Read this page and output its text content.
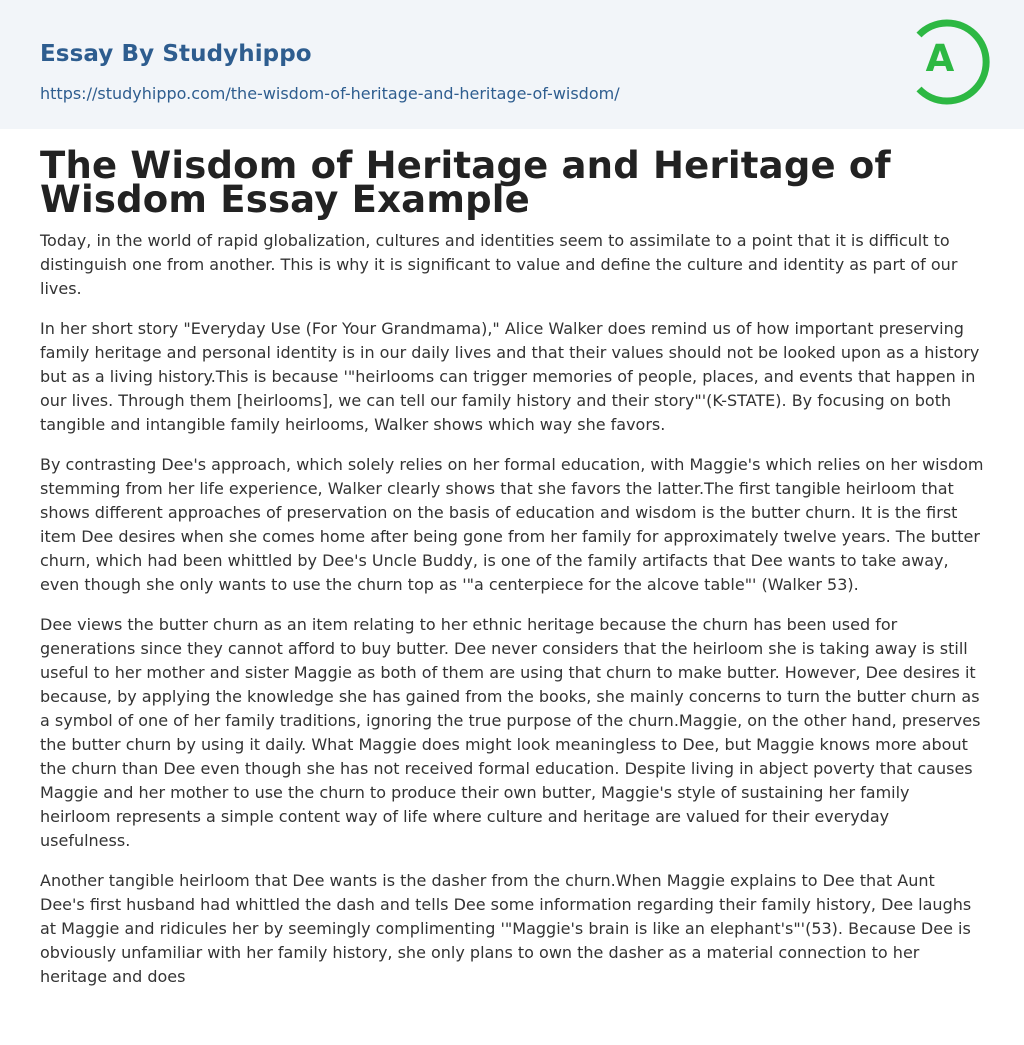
Essay By Studyhippo
https://studyhippo.com/the-wisdom-of-heritage-and-heritage-of-wisdom/
A
The Wisdom of Heritage and Heritage of Wisdom Essay Example

Today, in the world of rapid globalization, cultures and identities seem to assimilate to a point that it is difficult to distinguish one from another. This is why it is significant to value and define the culture and identity as part of our lives.

In her short story "Everyday Use (For Your Grandmama)," Alice Walker does remind us of how important preserving family heritage and personal identity is in our daily lives and that their values should not be looked upon as a history but as a living history.This is because '"heirlooms can trigger memories of people, places, and events that happen in our lives. Through them [heirlooms], we can tell our family history and their story"'(K-STATE). By focusing on both tangible and intangible family heirlooms, Walker shows which way she favors.

By contrasting Dee's approach, which solely relies on her formal education, with Maggie's which relies on her wisdom stemming from her life experience, Walker clearly shows that she favors the latter.The first tangible heirloom that shows different approaches of preservation on the basis of education and wisdom is the butter churn. It is the first item Dee desires when she comes home after being gone from her family for approximately twelve years. The butter churn, which had been whittled by Dee's Uncle Buddy, is one of the family artifacts that Dee wants to take away, even though she only wants to use the churn top as '"a centerpiece for the alcove table"' (Walker 53).

Dee views the butter churn as an item relating to her ethnic heritage because the churn has been used for generations since they cannot afford to buy butter. Dee never considers that the heirloom she is taking away is still useful to her mother and sister Maggie as both of them are using that churn to make butter. However, Dee desires it because, by applying the knowledge she has gained from the books, she mainly concerns to turn the butter churn as a symbol of one of her family traditions, ignoring the true purpose of the churn.Maggie, on the other hand, preserves the butter churn by using it daily. What Maggie does might look meaningless to Dee, but Maggie knows more about the churn than Dee even though she has not received formal education. Despite living in abject poverty that causes Maggie and her mother to use the churn to produce their own butter, Maggie's style of sustaining her family heirloom represents a simple content way of life where culture and heritage are valued for their everyday usefulness.

Another tangible heirloom that Dee wants is the dasher from the churn.When Maggie explains to Dee that Aunt Dee's first husband had whittled the dash and tells Dee some information regarding their family history, Dee laughs at Maggie and ridicules her by seemingly complimenting '"Maggie's brain is like an elephant's"'(53). Because Dee is obviously unfamiliar with her family history, she only plans to own the dasher as a material connection to her heritage and does
